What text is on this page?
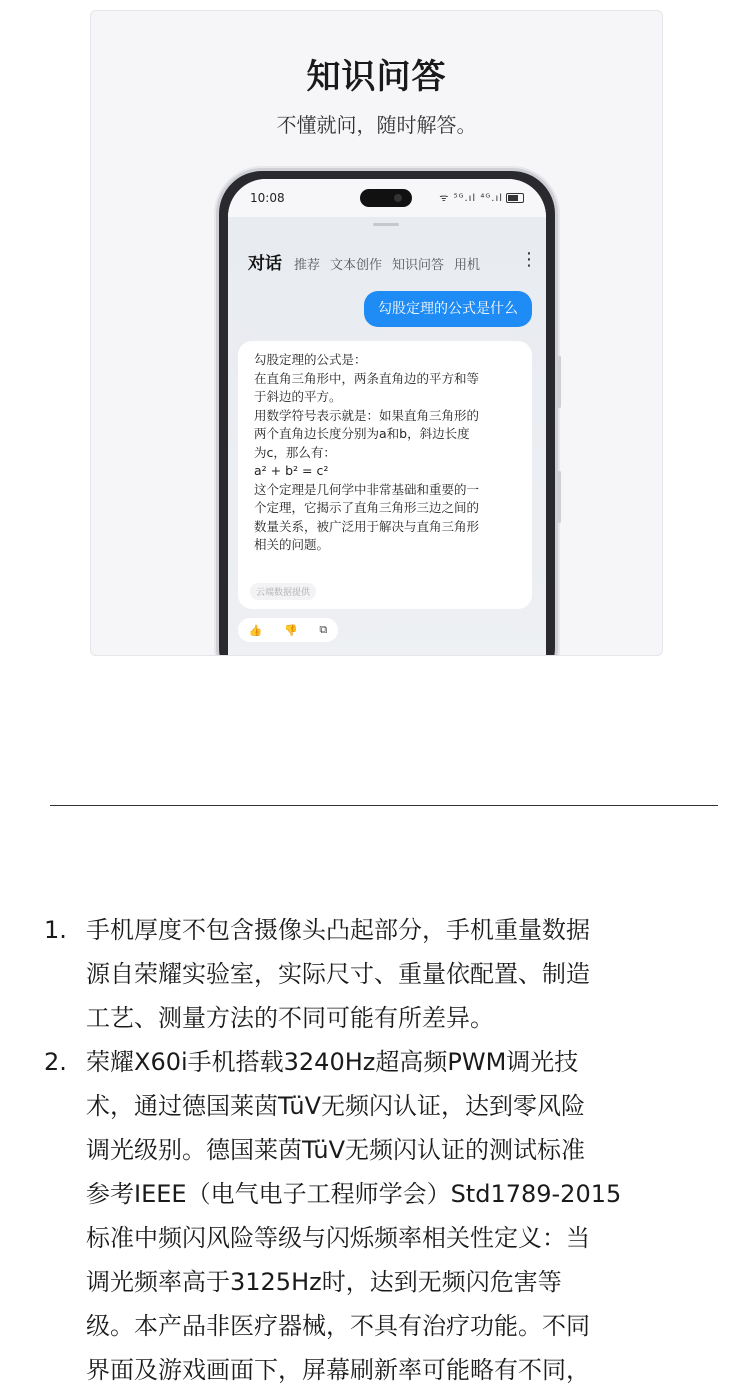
知识问答
不懂就问，随时解答。
10:08	ᯤ ⁵ᴳ.ıl ⁴ᴳ.ıl
对话 推荐 文本创作 知识问答 用机 ⋮
勾股定理的公式是什么
勾股定理的公式是：
在直角三角形中，两条直角边的平方和等
于斜边的平方。
用数学符号表示就是：如果直角三角形的
两个直角边长度分别为a和b，斜边长度
为c，那么有：
a² + b² = c²
这个定理是几何学中非常基础和重要的一
个定理，它揭示了直角三角形三边之间的
数量关系，被广泛用于解决与直角三角形
相关的问题。
云端数据提供
👍 👎 ⧉
1. 手机厚度不包含摄像头凸起部分，手机重量数据
源自荣耀实验室，实际尺寸、重量依配置、制造
工艺、测量方法的不同可能有所差异。
2. 荣耀X60i手机搭载3240Hz超高频PWM调光技
术，通过德国莱茵TüV无频闪认证，达到零风险
调光级别。德国莱茵TüV无频闪认证的测试标准
参考IEEE（电气电子工程师学会）Std1789-2015
标准中频闪风险等级与闪烁频率相关性定义：当
调光频率高于3125Hz时，达到无频闪危害等
级。本产品非医疗器械，不具有治疗功能。不同
界面及游戏画面下，屏幕刷新率可能略有不同，
